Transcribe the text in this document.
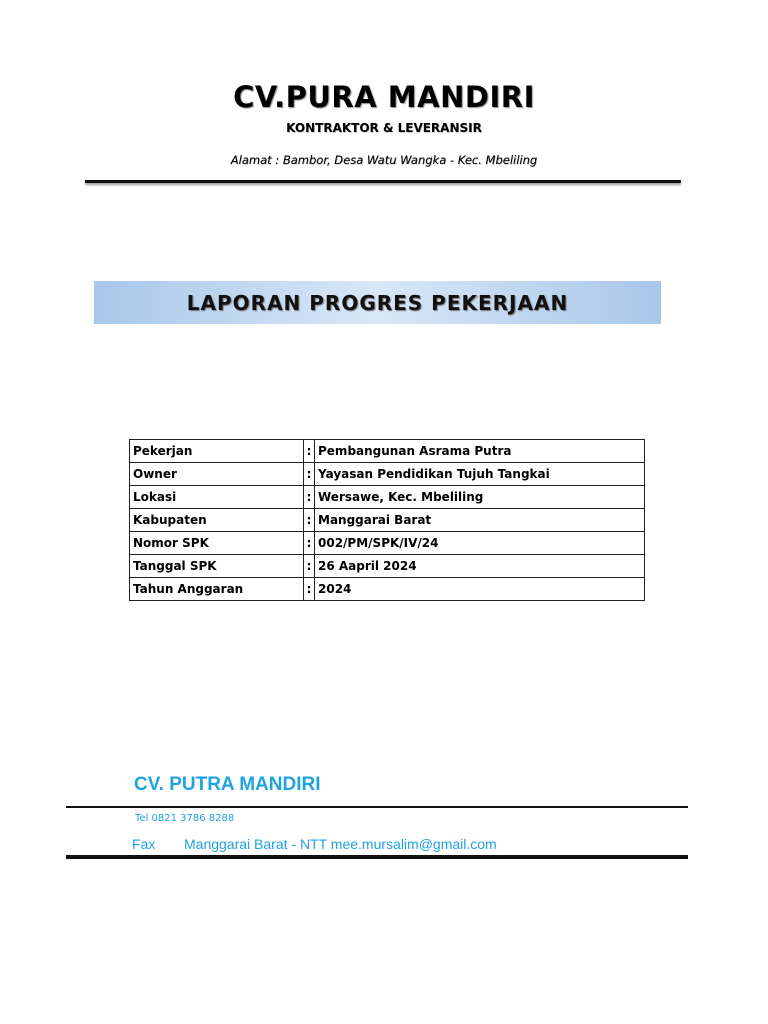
CV.PURA MANDIRI
KONTRAKTOR & LEVERANSIR
Alamat : Bambor, Desa Watu Wangka - Kec. Mbeliling
LAPORAN PROGRES PEKERJAAN
Pekerjan	:	Pembangunan Asrama Putra
Owner	:	Yayasan Pendidikan Tujuh Tangkai
Lokasi	:	Wersawe, Kec. Mbeliling
Kabupaten	:	Manggarai Barat
Nomor SPK	:	002/PM/SPK/IV/24
Tanggal SPK	:	26 Aapril 2024
Tahun Anggaran	:	2024
CV. PUTRA MANDIRI
Tel 0821 3786 8288
Fax Manggarai Barat - NTT mee.mursalim@gmail.com
